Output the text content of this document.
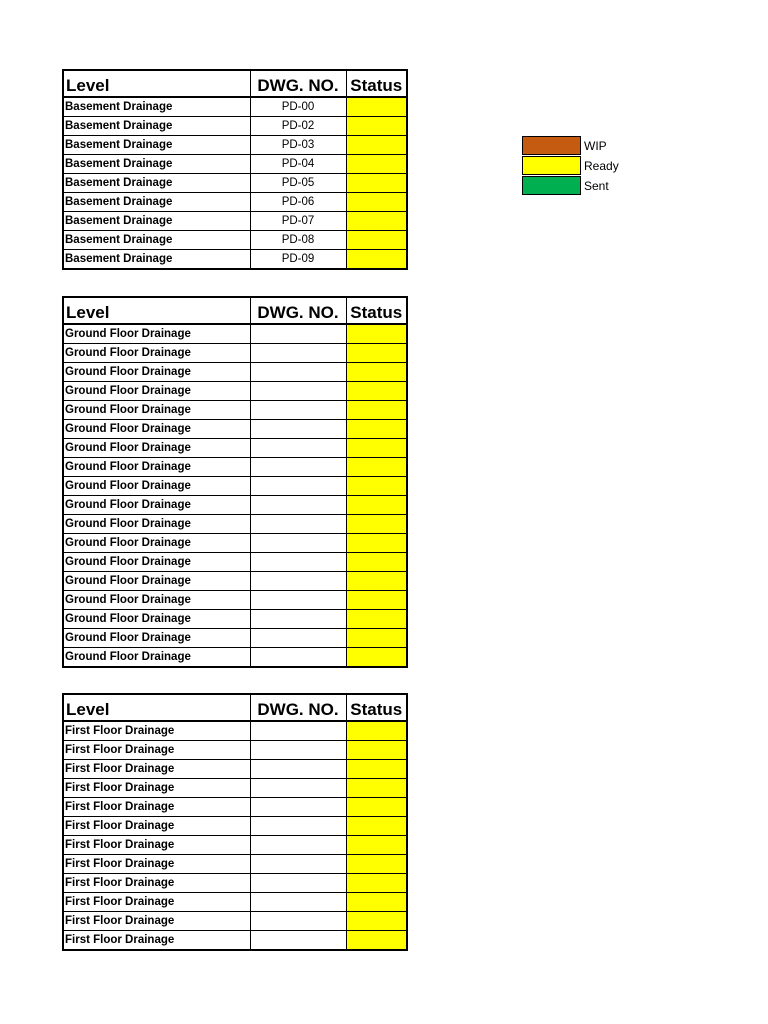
Level	DWG. NO.	Status
Basement Drainage	PD-00	
Basement Drainage	PD-02	
Basement Drainage	PD-03	
Basement Drainage	PD-04	
Basement Drainage	PD-05	
Basement Drainage	PD-06	
Basement Drainage	PD-07	
Basement Drainage	PD-08	
Basement Drainage	PD-09	
Level	DWG. NO.	Status
Ground Floor Drainage		
Ground Floor Drainage		
Ground Floor Drainage		
Ground Floor Drainage		
Ground Floor Drainage		
Ground Floor Drainage		
Ground Floor Drainage		
Ground Floor Drainage		
Ground Floor Drainage		
Ground Floor Drainage		
Ground Floor Drainage		
Ground Floor Drainage		
Ground Floor Drainage		
Ground Floor Drainage		
Ground Floor Drainage		
Ground Floor Drainage		
Ground Floor Drainage		
Ground Floor Drainage		
Level	DWG. NO.	Status
First Floor Drainage		
First Floor Drainage		
First Floor Drainage		
First Floor Drainage		
First Floor Drainage		
First Floor Drainage		
First Floor Drainage		
First Floor Drainage		
First Floor Drainage		
First Floor Drainage		
First Floor Drainage		
First Floor Drainage		
WIP
Ready
Sent
